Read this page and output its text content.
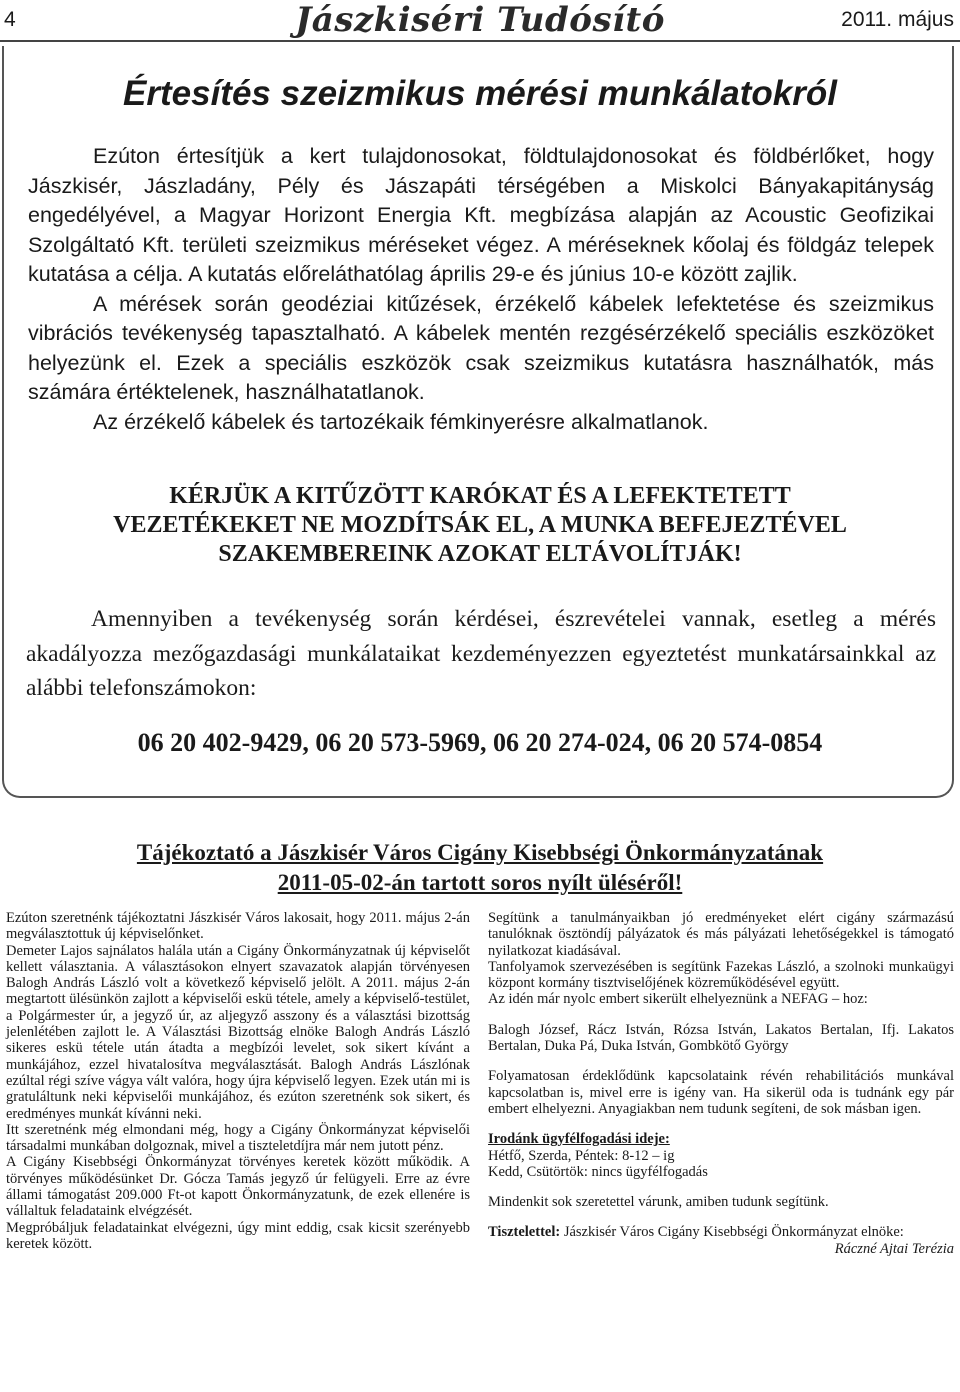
4	Jászkiséri Tudósító	2011. május
Értesítés szeizmikus mérési munkálatokról

Ezúton értesítjük a kert tulajdonosokat, földtulajdonosokat és földbérlőket, hogy Jászkisér, Jászladány, Pély és Jászapáti térségében a Miskolci Bányakapitányság engedélyével, a Magyar Horizont Energia Kft. megbízása alapján az Acoustic Geofizikai Szolgáltató Kft. területi szeizmikus méréseket végez. A méréseknek kőolaj és földgáz telepek kutatása a célja. A kutatás előreláthatólag április 29-e és június 10-e között zajlik.

A mérések során geodéziai kitűzések, érzékelő kábelek lefektetése és szeizmikus vibrációs tevékenység tapasztalható. A kábelek mentén rezgésérzékelő speciális eszközöket helyezünk el. Ezek a speciális eszközök csak szeizmikus kutatásra használhatók, más számára értéktelenek, használhatatlanok.

Az érzékelő kábelek és tartozékaik fémkinyerésre alkalmatlanok.

KÉRJÜK A KITŰZÖTT KARÓKAT ÉS A LEFEKTETETT
VEZETÉKEKET NE MOZDÍTSÁK EL, A MUNKA BEFEJEZTÉVEL
SZAKEMBEREINK AZOKAT ELTÁVOLÍTJÁK!

Amennyiben a tevékenység során kérdései, észrevételei vannak, esetleg a mérés akadályozza mezőgazdasági munkálataikat kezdeményezzen egyeztetést munkatársainkkal az alábbi telefonszámokon:

06 20 402-9429, 06 20 573-5969, 06 20 274-024, 06 20 574-0854
Tájékoztató a Jászkisér Város Cigány Kisebbségi Önkormányzatának
2011-05-02-án tartott soros nyílt üléséről!

Ezúton szeretnénk tájékoztatni Jászkisér Város lakosait, hogy 2011. május 2-án megválasztottuk új képviselőnket.

Demeter Lajos sajnálatos halála után a Cigány Önkormányzatnak új képviselőt kellett választania. A választásokon elnyert szavazatok alapján törvényesen Balogh András László volt a következő képviselő jelölt. A 2011. május 2-án megtartott ülésünkön zajlott a képviselői eskü tétele, amely a képviselő-testület, a Polgármester úr, a jegyző úr, az aljegyző asszony és a választási bizottság jelenlétében zajlott le. A Választási Bizottság elnöke Balogh András László sikeres eskü tétele után átadta a megbízói levelet, sok sikert kívánt a munkájához, ezzel hivatalosítva megválasztását. Balogh András Lászlónak ezúltal régi szíve vágya vált valóra, hogy újra képviselő legyen. Ezek után mi is gratuláltunk neki képviselői munkájához, és ezúton szeretnénk sok sikert, és eredményes munkát kívánni neki.

Itt szeretnénk még elmondani még, hogy a Cigány Önkormányzat képviselői társadalmi munkában dolgoznak, mivel a tiszteletdíjra már nem jutott pénz.

A Cigány Kisebbségi Önkormányzat törvényes keretek között működik. A törvényes működésünket Dr. Gócza Tamás jegyző úr felügyeli. Erre az évre állami támogatást 209.000 Ft-ot kapott Önkormányzatunk, de ezek ellenére is vállaltuk feladataink elvégzését.

Megpróbáljuk feladatainkat elvégezni, úgy mint eddig, csak kicsit szerényebb keretek között.

Segítünk a tanulmányaikban jó eredményeket elért cigány származású tanulóknak ösztöndíj pályázatok és más pályázati lehetőségekkel is támogató nyilatkozat kiadásával.

Tanfolyamok szervezésében is segítünk Fazekas László, a szolnoki munkaügyi központ kormány tisztviselőjének közreműködésével együtt.

Az idén már nyolc embert sikerült elhelyeznünk a NEFAG – hoz:

Balogh József, Rácz István, Rózsa István, Lakatos Bertalan, Ifj. Lakatos Bertalan, Duka Pá, Duka István, Gombkötő György

Folyamatosan érdeklődünk kapcsolataink révén rehabilitációs munkával kapcsolatban is, mivel erre is igény van. Ha sikerül oda is tudnánk egy pár embert elhelyezni. Anyagiakban nem tudunk segíteni, de sok másban igen.

Irodánk ügyfélfogadási ideje:

Hétfő, Szerda, Péntek: 8-12 – ig

Kedd, Csütörtök: nincs ügyfélfogadás

Mindenkit sok szeretettel várunk, amiben tudunk segítünk.

Tisztelettel: Jászkisér Város Cigány Kisebbségi Önkormányzat elnöke:

Ráczné Ajtai Terézia
